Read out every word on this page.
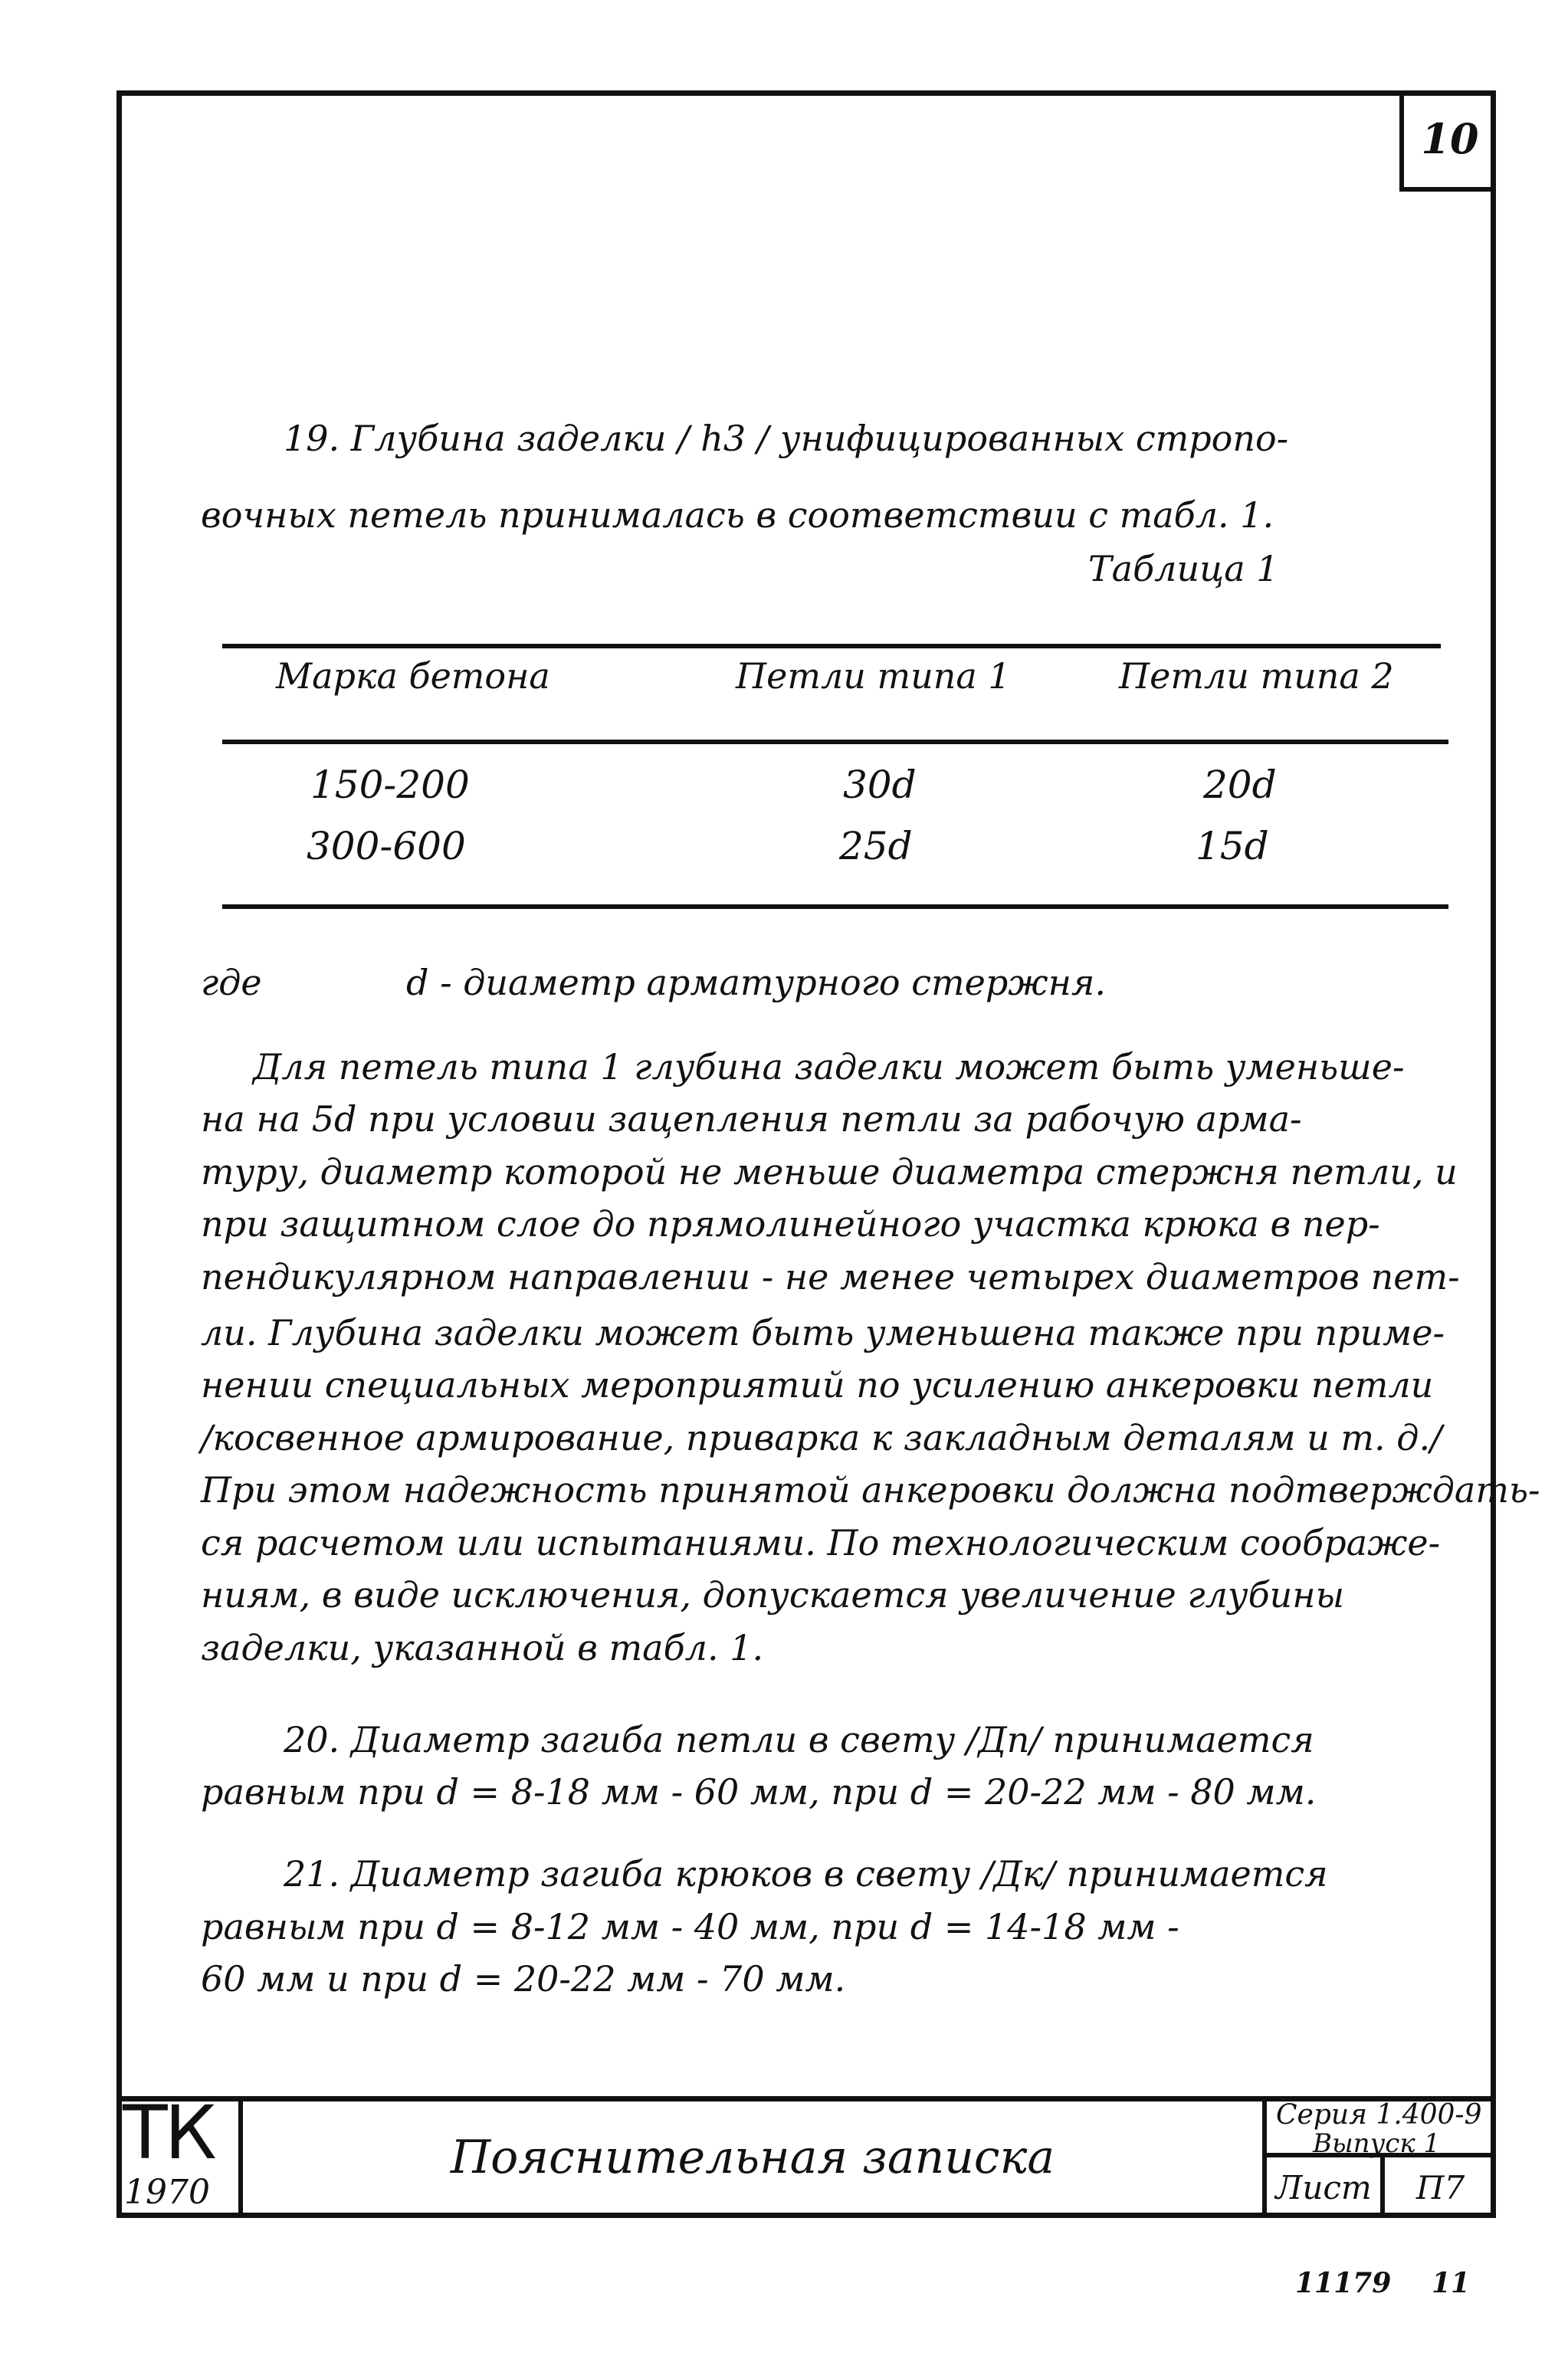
10

19. Глубина заделки / h3 / унифицированных стропо-

вочных петель принималась в соответствии с табл. 1.

Таблица 1

Марка бетона	Петли типа 1	Петли типа 2
150-200	30d	20d
300-600	25d	15d
где	d - диаметр арматурного стержня.
Для петель типа 1 глубина заделки может быть уменьше-
на на 5d при условии зацепления петли за рабочую арма-
туру, диаметр которой не меньше диаметра стержня петли, и
при защитном слое до прямолинейного участка крюка в пер-
пендикулярном направлении - не менее четырех диаметров пет-
ли. Глубина заделки может быть уменьшена также при приме-
нении специальных мероприятий по усилению анкеровки петли
/косвенное армирование, приварка к закладным деталям и т. д./
При этом надежность принятой анкеровки должна подтверждать-
ся расчетом или испытаниями. По технологическим соображе-
ниям, в виде исключения, допускается увеличение глубины
заделки, указанной в табл. 1.
20. Диаметр загиба петли в свету /Дп/ принимается
равным при d = 8-18 мм - 60 мм, при d = 20-22 мм - 80 мм.
21. Диаметр загиба крюков в свету /Дк/ принимается
равным при d = 8-12 мм - 40 мм, при d = 14-18 мм -
60 мм и при d = 20-22 мм - 70 мм.
ТК
1970
Пояснительная записка
Серия 1.400-9
Выпуск 1
Лист	П7
11179 11
